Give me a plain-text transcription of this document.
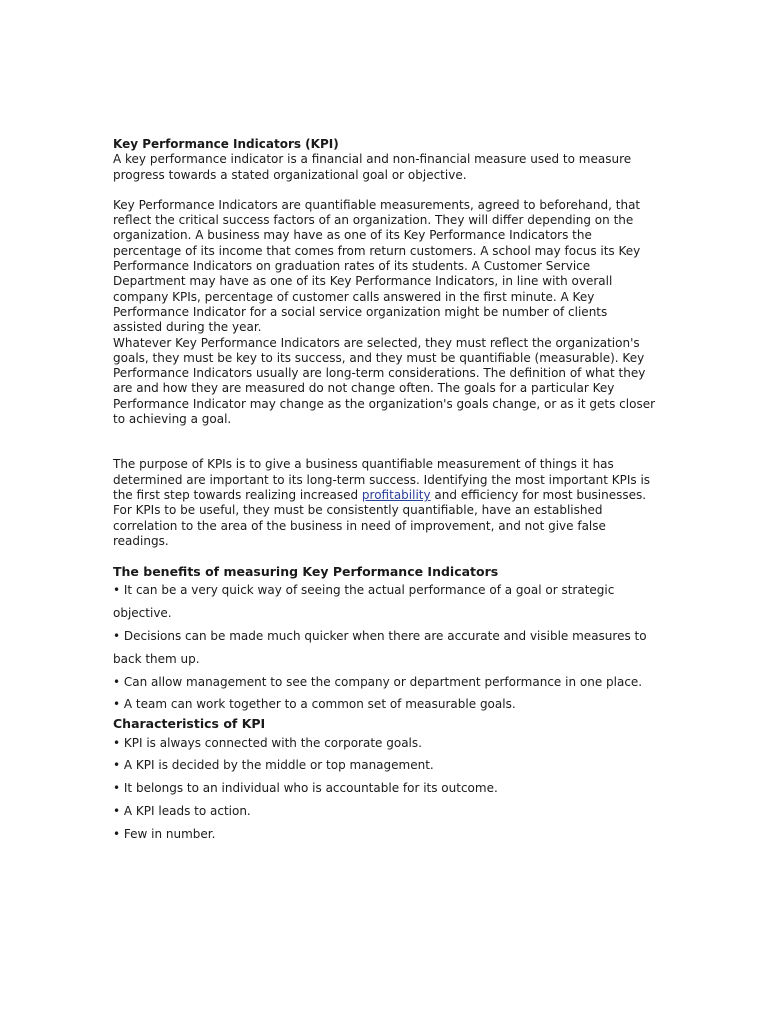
Key Performance Indicators (KPI)

A key performance indicator is a financial and non-financial measure used to measure progress towards a stated organizational goal or objective.

Key Performance Indicators are quantifiable measurements, agreed to beforehand, that reflect the critical success factors of an organization. They will differ depending on the organization. A business may have as one of its Key Performance Indicators the percentage of its income that comes from return customers. A school may focus its Key Performance Indicators on graduation rates of its students. A Customer Service Department may have as one of its Key Performance Indicators, in line with overall company KPIs, percentage of customer calls answered in the first minute. A Key Performance Indicator for a social service organization might be number of clients assisted during the year.

Whatever Key Performance Indicators are selected, they must reflect the organization's goals, they must be key to its success, and they must be quantifiable (measurable). Key Performance Indicators usually are long-term considerations. The definition of what they are and how they are measured do not change often. The goals for a particular Key Performance Indicator may change as the organization's goals change, or as it gets closer to achieving a goal.

The purpose of KPIs is to give a business quantifiable measurement of things it has determined are important to its long-term success. Identifying the most important KPIs is the first step towards realizing increased profitability and efficiency for most businesses. For KPIs to be useful, they must be consistently quantifiable, have an established correlation to the area of the business in need of improvement, and not give false readings.

The benefits of measuring Key Performance Indicators

• It can be a very quick way of seeing the actual performance of a goal or strategic objective.
• Decisions can be made much quicker when there are accurate and visible measures to back them up.
• Can allow management to see the company or department performance in one place.
• A team can work together to a common set of measurable goals.

Characteristics of KPI

• KPI is always connected with the corporate goals.
• A KPI is decided by the middle or top management.
• It belongs to an individual who is accountable for its outcome.
• A KPI leads to action.
• Few in number.
